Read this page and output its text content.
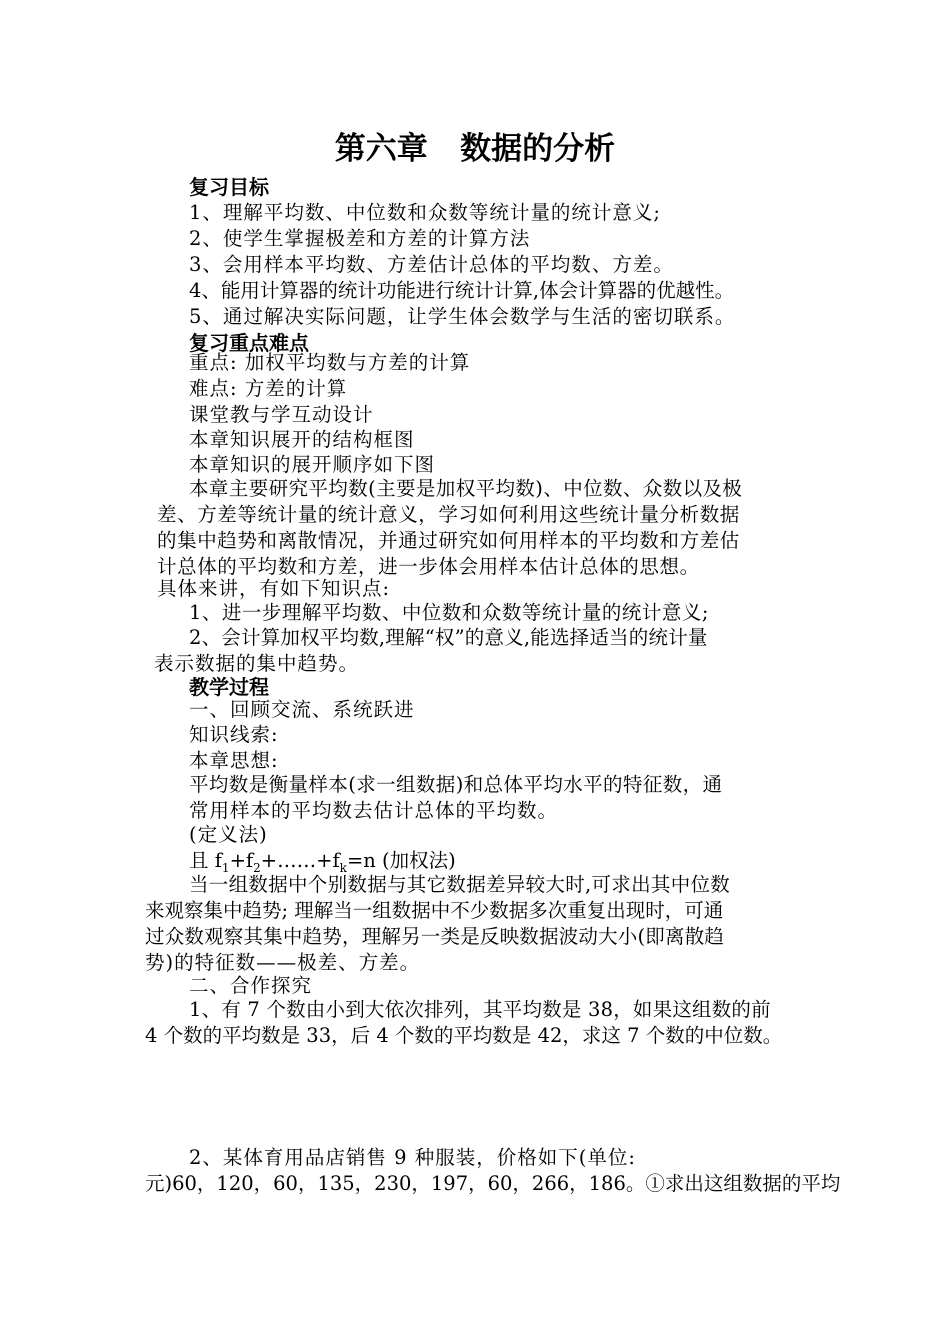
第六章   数据的分析
复习目标
1、理解平均数、中位数和众数等统计量的统计意义;
2、使学生掌握极差和方差的计算方法
3、会用样本平均数、方差估计总体的平均数、方差。
4、能用计算器的统计功能进行统计计算,体会计算器的优越性。
5、通过解决实际问题，让学生体会数学与生活的密切联系。
复习重点难点
重点: 加权平均数与方差的计算
难点: 方差的计算
课堂教与学互动设计
本章知识展开的结构框图
本章知识的展开顺序如下图
本章主要研究平均数(主要是加权平均数)、中位数、众数以及极
差、方差等统计量的统计意义，学习如何利用这些统计量分析数据
的集中趋势和离散情况，并通过研究如何用样本的平均数和方差估
计总体的平均数和方差，进一步体会用样本估计总体的思想。
具体来讲，有如下知识点:
1、进一步理解平均数、中位数和众数等统计量的统计意义;
2、会计算加权平均数,理解“权”的意义,能选择适当的统计量
表示数据的集中趋势。
教学过程
一、回顾交流、系统跃进
知识线索:
本章思想:
平均数是衡量样本(求一组数据)和总体平均水平的特征数，通
常用样本的平均数去估计总体的平均数。
(定义法)
且 $f_1+f_2+\dots\dots+f_k=n$ (加权法)
当一组数据中个别数据与其它数据差异较大时,可求出其中位数
来观察集中趋势; 理解当一组数据中不少数据多次重复出现时，可通
过众数观察其集中趋势，理解另一类是反映数据波动大小(即离散趋
势)的特征数——极差、方差。
二、合作探究
1、有 7 个数由小到大依次排列，其平均数是 38，如果这组数的前
4 个数的平均数是 33，后 4 个数的平均数是 42，求这 7 个数的中位数。
2、某体育用品店销售 9 种服装，价格如下(单位:
元)60，120，60，135，230，197，60，266，186。①求出这组数据的平均
